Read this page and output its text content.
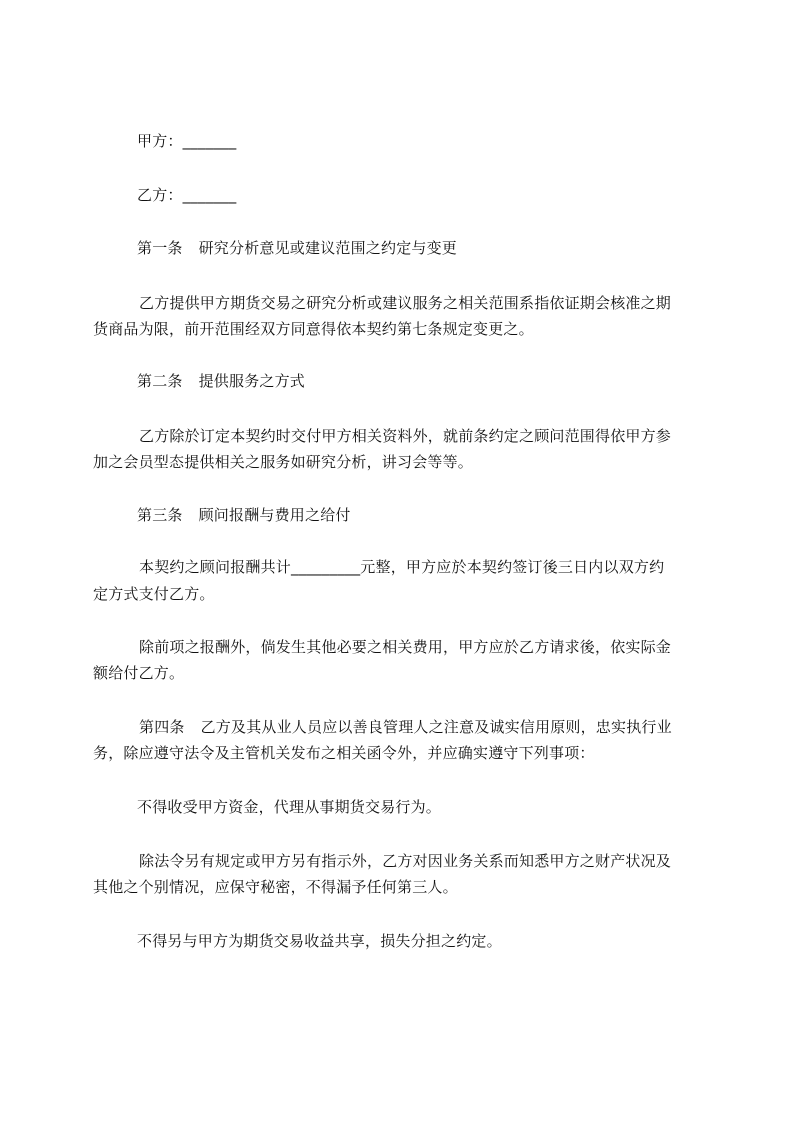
甲方：_______
乙方：_______
第一条 研究分析意见或建议范围之约定与变更
乙方提供甲方期货交易之研究分析或建议服务之相关范围系指依证期会核准之期
货商品为限，前开范围经双方同意得依本契约第七条规定变更之。
第二条 提供服务之方式
乙方除於订定本契约时交付甲方相关资料外，就前条约定之顾问范围得依甲方参
加之会员型态提供相关之服务如研究分析，讲习会等等。
第三条 顾问报酬与费用之给付
本契约之顾问报酬共计_________元整，甲方应於本契约签订後三日内以双方约
定方式支付乙方。
除前项之报酬外，倘发生其他必要之相关费用，甲方应於乙方请求後，依实际金
额给付乙方。
第四条 乙方及其从业人员应以善良管理人之注意及诚实信用原则，忠实执行业
务，除应遵守法令及主管机关发布之相关函令外，并应确实遵守下列事项：
不得收受甲方资金，代理从事期货交易行为。
除法令另有规定或甲方另有指示外，乙方对因业务关系而知悉甲方之财产状况及
其他之个别情况，应保守秘密，不得漏予任何第三人。
不得另与甲方为期货交易收益共享，损失分担之约定。
